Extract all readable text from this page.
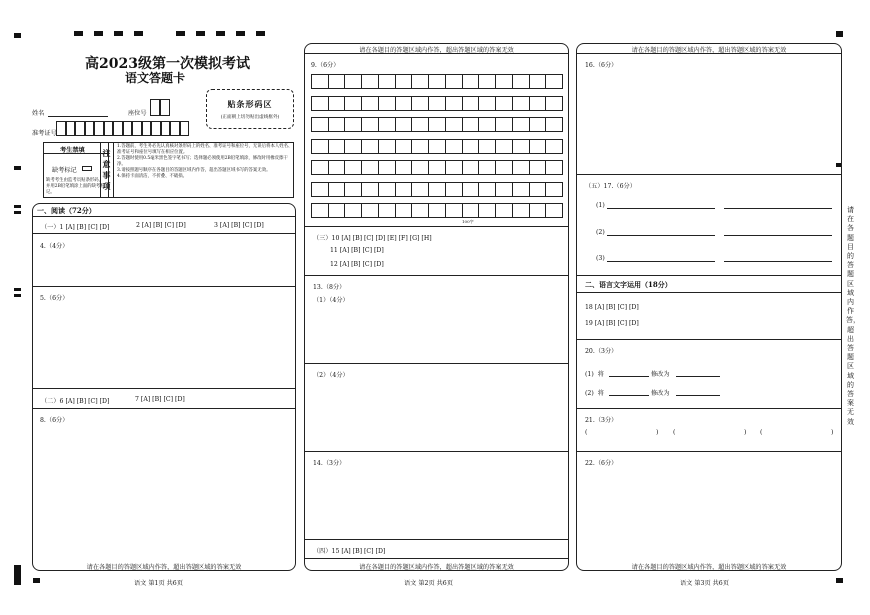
高2023级第一次模拟考试
语文答题卡
姓名	座位号
准考证号
贴条形码区
(正面朝上切勿贴出虚线框外)
考生禁填
缺考标记
缺考考生由监考员贴条形码，并用2B铅笔填涂上面的缺考标记。
注意事项
1.答题前，考生务必先认真核对条形码上的姓名、准考证号和座位号，无误后将本人姓名、准考证号和座位号填写在相应位置。
2.答题时使用0.5毫米黑色签字笔书写；选择题必须使用2B铅笔填涂，修改时用橡皮擦干净。
3.请按照题号顺序在各题目的答题区域内作答，超出答题区域书写的答案无效。
4.保持卡面清洁，不折叠、不破损。
一、阅读（72分）
（一）1 [A] [B] [C] [D]	2 [A] [B] [C] [D]	3 [A] [B] [C] [D]
4.（4分）
5.（6分）
（二）6 [A] [B] [C] [D]	7 [A] [B] [C] [D]
8.（6分）
请在各题目的答题区域内作答，超出答题区域的答案无效
语文 第1页 共6页
请在各题目的答题区域内作答，超出答题区域的答案无效
9.（6分）
100字
（三）10 [A] [B] [C] [D] [E] [F] [G] [H]
11 [A] [B] [C] [D]
12 [A] [B] [C] [D]
13.（8分）
（1）（4分）
（2）（4分）
14.（3分）
（四）15 [A] [B] [C] [D]
请在各题目的答题区域内作答，超出答题区域的答案无效
语文 第2页 共6页
请在各题目的答题区域内作答，超出答题区域的答案无效
16.（6分）
（五）17.（6分）
(1)
(2)
(3)
二、语言文字运用（18分）
18 [A] [B] [C] [D]
19 [A] [B] [C] [D]
20.（3分）
(1) 将	修改为
(2) 将	修改为
21.（3分）
(	) (	) (	)
22.（6分）
请在各题目的答题区域内作答，超出答题区域的答案无效
语文 第3页 共6页
请在各题目的答题区域内作答，超出答题区域的答案无效
